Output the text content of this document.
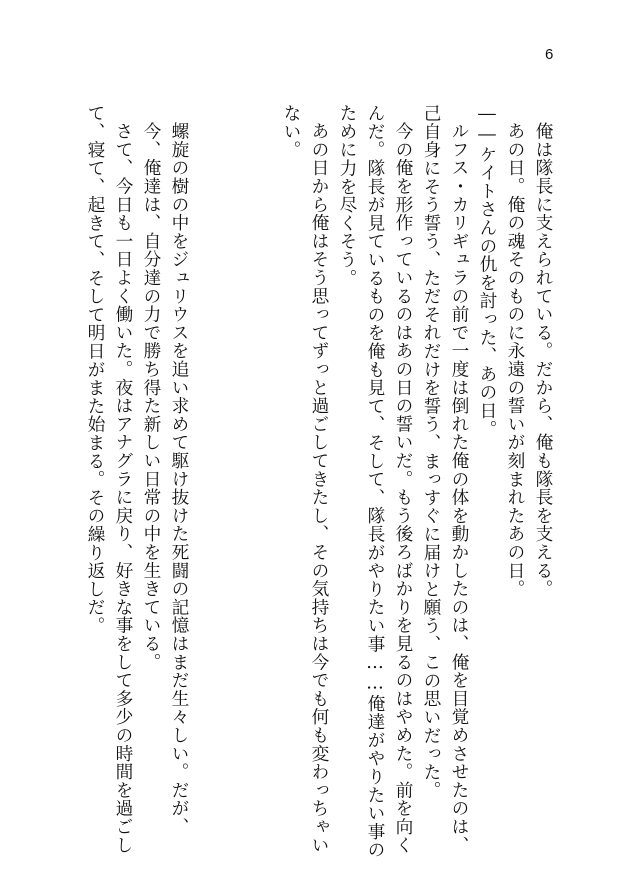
6
俺は隊長に支えられている。だから、俺も隊長を支える。
あの日。俺の魂そのものに永遠の誓いが刻まれたあの日。
――ケイトさんの仇を討った、あの日。
ルフス・カリギュラの前で一度は倒れた俺の体を動かしたのは、俺を目覚めさせたのは、
己自身にそう誓う、ただそれだけを誓う、まっすぐに届けと願う、この思いだった。
今の俺を形作っているのはあの日の誓いだ。もう後ろばかりを見るのはやめた。前を向く
んだ。隊長が見ているものを俺も見て、そして、隊長がやりたい事……俺達がやりたい事の
ために力を尽くそう。
あの日から俺はそう思ってずっと過ごしてきたし、その気持ちは今でも何も変わっちゃい
ない。
螺旋の樹の中をジュリウスを追い求めて駆け抜けた死闘の記憶はまだ生々しい。だが、
今、俺達は、自分達の力で勝ち得た新しい日常の中を生きている。
さて、今日も一日よく働いた。夜はアナグラに戻り、好きな事をして多少の時間を過ごし
て、寝て、起きて、そして明日がまた始まる。その繰り返しだ。
